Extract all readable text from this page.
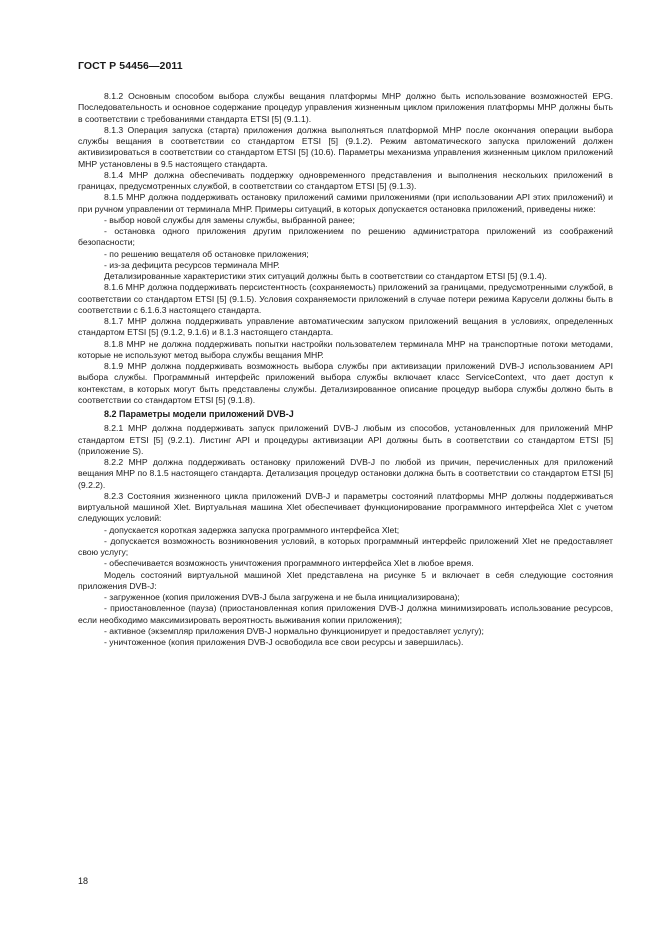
ГОСТ Р 54456—2011

8.1.2 Основным способом выбора службы вещания платформы МНР должно быть использование возможностей EPG. Последовательность и основное содержание процедур управления жизненным циклом приложения платформы МНР должны быть в соответствии с требованиями стандарта ETSI [5] (9.1.1).

8.1.3 Операция запуска (старта) приложения должна выполняться платформой МНР после окончания операции выбора службы вещания в соответствии со стандартом ETSI [5] (9.1.2). Режим автоматического запуска приложений должен активизироваться в соответствии со стандартом ETSI [5] (10.6). Параметры механизма управления жизненным циклом приложений МНР установлены в 9.5 настоящего стандарта.

8.1.4 МНР должна обеспечивать поддержку одновременного представления и выполнения нескольких приложений в границах, предусмотренных службой, в соответствии со стандартом ETSI [5] (9.1.3).

8.1.5 МНР должна поддерживать остановку приложений самими приложениями (при использовании API этих приложений) и при ручном управлении от терминала МНР. Примеры ситуаций, в которых допускается остановка приложений, приведены ниже:

- выбор новой службы для замены службы, выбранной ранее;

- остановка одного приложения другим приложением по решению администратора приложений из соображений безопасности;

- по решению вещателя об остановке приложения;

- из-за дефицита ресурсов терминала МНР.

Детализированные характеристики этих ситуаций должны быть в соответствии со стандартом ETSI [5] (9.1.4).

8.1.6 МНР должна поддерживать персистентность (сохраняемость) приложений за границами, предусмотренными службой, в соответствии со стандартом ETSI [5] (9.1.5). Условия сохраняемости приложений в случае потери режима Карусели должны быть в соответствии с 6.1.6.3 настоящего стандарта.

8.1.7 МНР должна поддерживать управление автоматическим запуском приложений вещания в условиях, определенных стандартом ETSI [5] (9.1.2, 9.1.6) и 8.1.3 настоящего стандарта.

8.1.8 МНР не должна поддерживать попытки настройки пользователем терминала МНР на транспортные потоки методами, которые не используют метод выбора службы вещания МНР.

8.1.9 МНР должна поддерживать возможность выбора службы при активизации приложений DVB-J использованием API выбора службы. Программный интерфейс приложений выбора службы включает класс ServiceContext, что дает доступ к контекстам, в которых могут быть представлены службы. Детализированное описание процедур выбора службы должно быть в соответствии со стандартом ETSI [5] (9.1.8).

8.2 Параметры модели приложений DVB-J

8.2.1 МНР должна поддерживать запуск приложений DVB-J любым из способов, установленных для приложений МНР стандартом ETSI [5] (9.2.1). Листинг API и процедуры активизации API должны быть в соответствии со стандартом ETSI [5] (приложение S).

8.2.2 МНР должна поддерживать остановку приложений DVB-J по любой из причин, перечисленных для приложений вещания МНР по 8.1.5 настоящего стандарта. Детализация процедур остановки должна быть в соответствии со стандартом ETSI [5] (9.2.2).

8.2.3 Состояния жизненного цикла приложений DVB-J и параметры состояний платформы МНР должны поддерживаться виртуальной машиной Xlet. Виртуальная машина Xlet обеспечивает функционирование программного интерфейса Xlet с учетом следующих условий:

- допускается короткая задержка запуска программного интерфейса Xlet;

- допускается возможность возникновения условий, в которых программный интерфейс приложений Xlet не предоставляет свою услугу;

- обеспечивается возможность уничтожения программного интерфейса Xlet в любое время.

Модель состояний виртуальной машиной Xlet представлена на рисунке 5 и включает в себя следующие состояния приложения DVB-J:

- загруженное (копия приложения DVB-J была загружена и не была инициализирована);

- приостановленное (пауза) (приостановленная копия приложения DVB-J должна минимизировать использование ресурсов, если необходимо максимизировать вероятность выживания копии приложения);

- активное (экземпляр приложения DVB-J нормально функционирует и предоставляет услугу);

- уничтоженное (копия приложения DVB-J освободила все свои ресурсы и завершилась).

18
